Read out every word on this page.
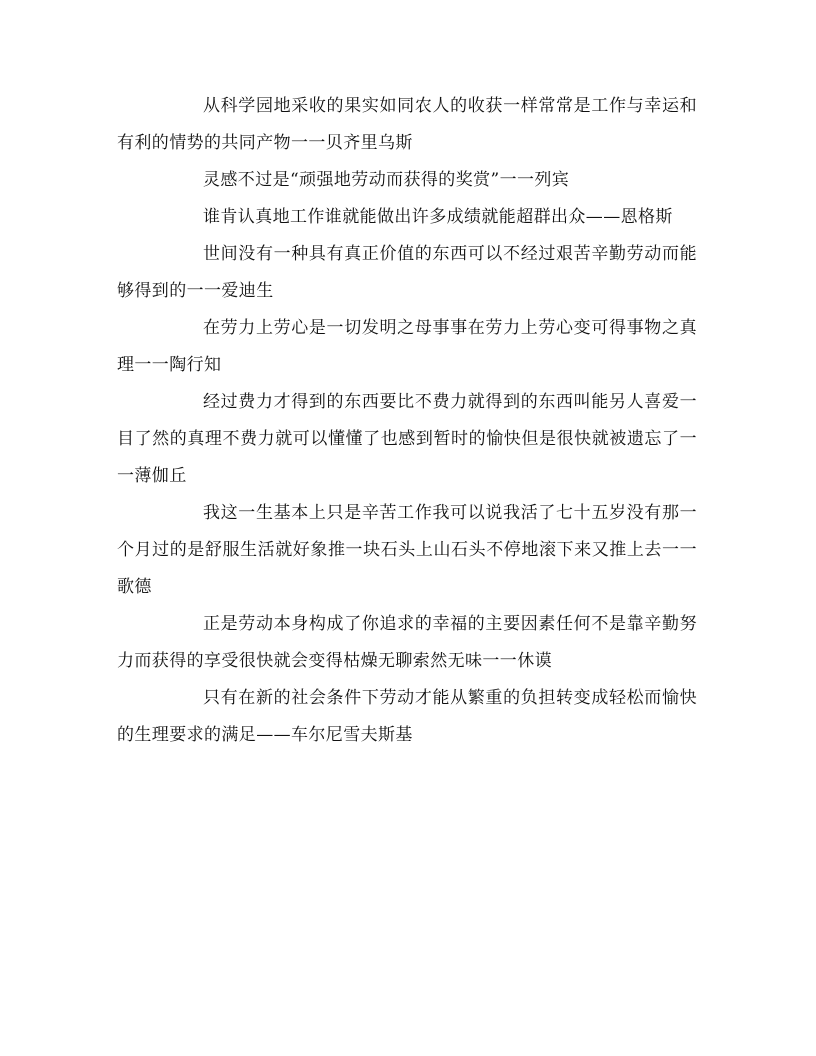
从科学园地采收的果实如同农人的收获一样常常是工作与幸运和有利的情势的共同产物一一贝齐里乌斯

灵感不过是“顽强地劳动而获得的奖赏”一一列宾

谁肯认真地工作谁就能做出许多成绩就能超群出众——恩格斯

世间没有一种具有真正价值的东西可以不经过艰苦辛勤劳动而能够得到的一一爱迪生

在劳力上劳心是一切发明之母事事在劳力上劳心变可得事物之真理一一陶行知

经过费力才得到的东西要比不费力就得到的东西叫能另人喜爱一目了然的真理不费力就可以懂懂了也感到暂时的愉快但是很快就被遗忘了一一薄伽丘

我这一生基本上只是辛苦工作我可以说我活了七十五岁没有那一个月过的是舒服生活就好象推一块石头上山石头不停地滚下来又推上去一一歌德

正是劳动本身构成了你追求的幸福的主要因素任何不是靠辛勤努力而获得的享受很快就会变得枯燥无聊索然无味一一休谟

只有在新的社会条件下劳动才能从繁重的负担转变成轻松而愉快的生理要求的满足——车尔尼雪夫斯基
